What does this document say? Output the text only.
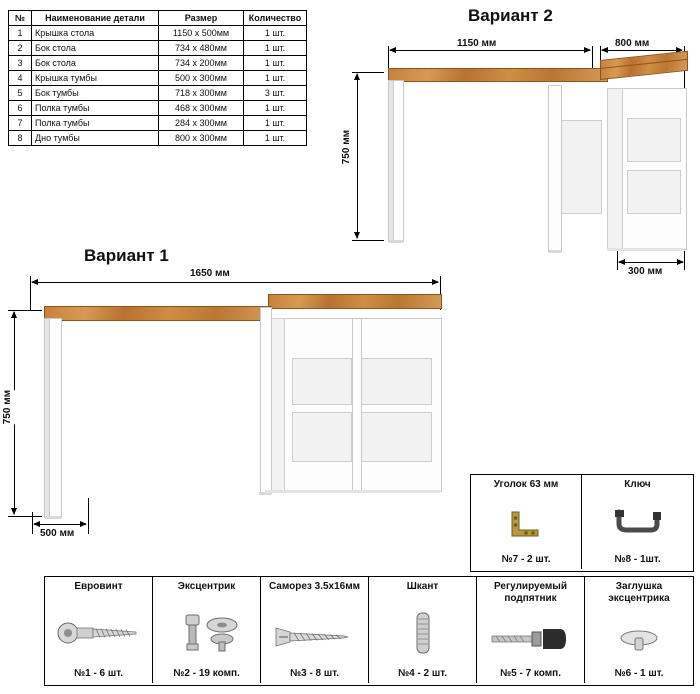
№	Наименование детали	Размер	Количество
1	Крышка стола	1150 x 500мм	1 шт.
2	Бок стола	734 x 480мм	1 шт.
3	Бок стола	734 x 200мм	1 шт.
4	Крышка тумбы	500 x 300мм	1 шт.
5	Бок тумбы	718 x 300мм	3 шт.
6	Полка тумбы	468 x 300мм	1 шт.
7	Полка тумбы	284 x 300мм	1 шт.
8	Дно тумбы	800 x 300мм	1 шт.
Вариант 2
1150 мм	800 мм
750 мм
300 мм
Вариант 1
1650 мм
750 мм
500 мм
Уголок 63 мм
№7 - 2 шт.
Ключ
№8 - 1шт.
Евровинт
№1 - 6 шт.
Эксцентрик
№2 - 19 комп.
Саморез 3.5x16мм
№3 - 8 шт.
Шкант
№4 - 2 шт.
Регулируемый подпятник
№5 - 7 комп.
Заглушка эксцентрика
№6 - 1 шт.
